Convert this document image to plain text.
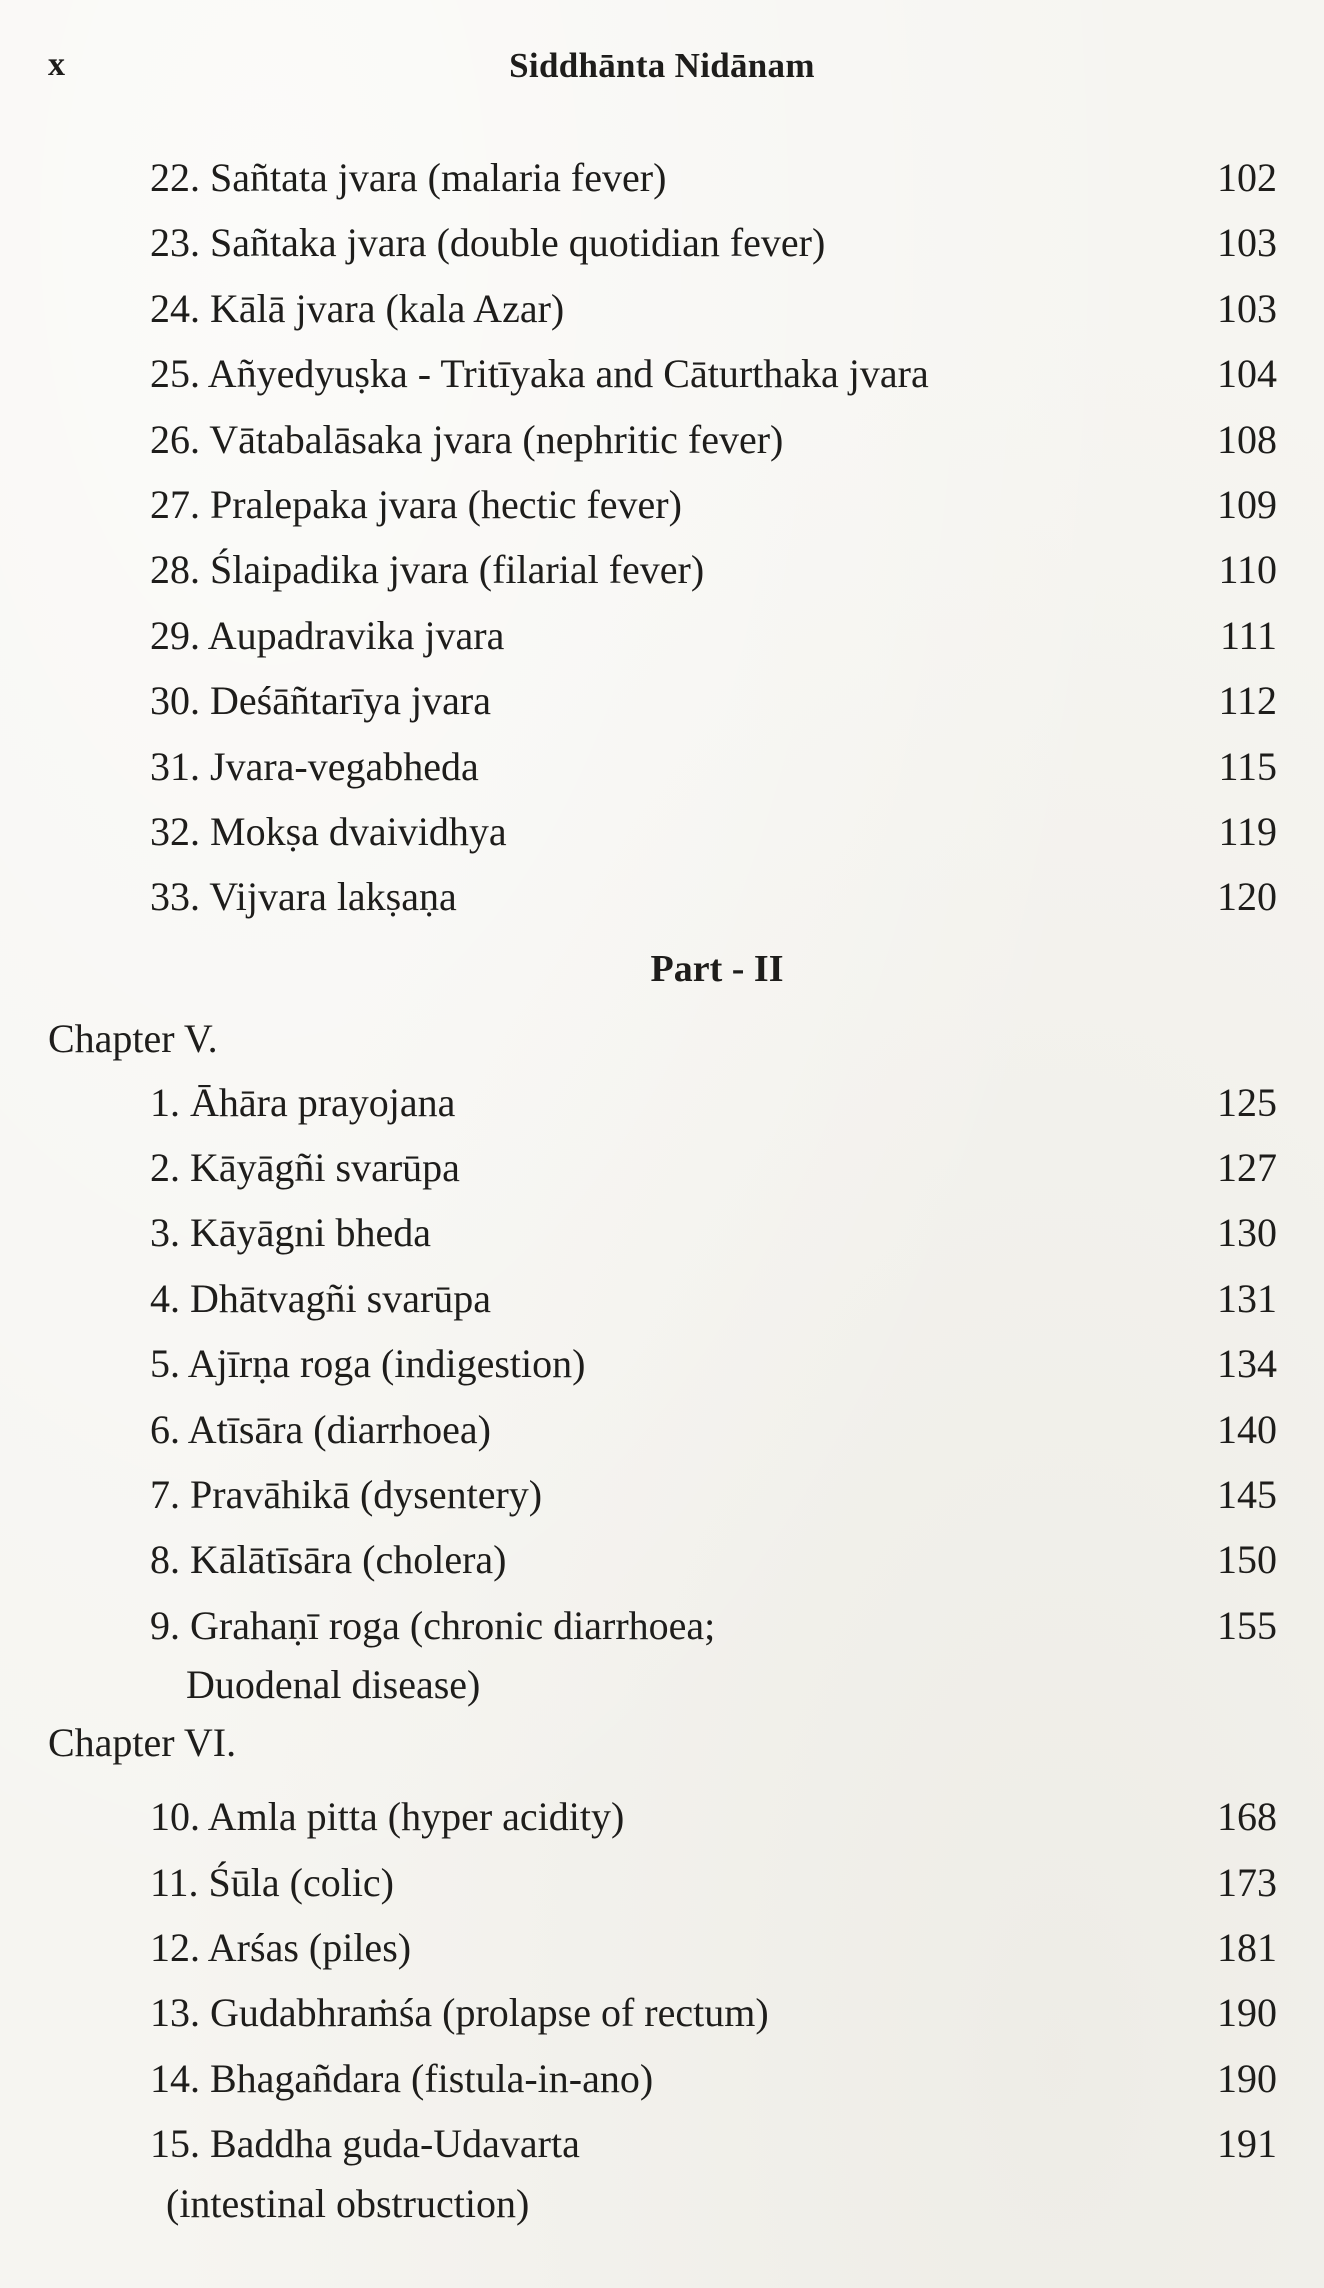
x	Siddhānta Nidānam
22. Sañtata jvara (malaria fever)	102
23. Sañtaka jvara (double quotidian fever)	103
24. Kālā jvara (kala Azar)	103
25. Añyedyuṣka - Tritīyaka and Cāturthaka jvara	104
26. Vātabalāsaka jvara (nephritic fever)	108
27. Pralepaka jvara (hectic fever)	109
28. Ślaipadika jvara (filarial fever)	110
29. Aupadravika jvara	111
30. Deśāñtarīya jvara	112
31. Jvara-vegabheda	115
32. Mokṣa dvaividhya	119
33. Vijvara lakṣaṇa	120
Part - II
Chapter V.
1. Āhāra prayojana	125
2. Kāyāgñi svarūpa	127
3. Kāyāgni bheda	130
4. Dhātvagñi svarūpa	131
5. Ajīrṇa roga (indigestion)	134
6. Atīsāra (diarrhoea)	140
7. Pravāhikā (dysentery)	145
8. Kālātīsāra (cholera)	150
9. Grahaṇī roga (chronic diarrhoea;	155
Duodenal disease)
Chapter VI.
10. Amla pitta (hyper acidity)	168
11. Śūla (colic)	173
12. Arśas (piles)	181
13. Gudabhraṁśa (prolapse of rectum)	190
14. Bhagañdara (fistula-in-ano)	190
15. Baddha guda-Udavarta	191
(intestinal obstruction)
